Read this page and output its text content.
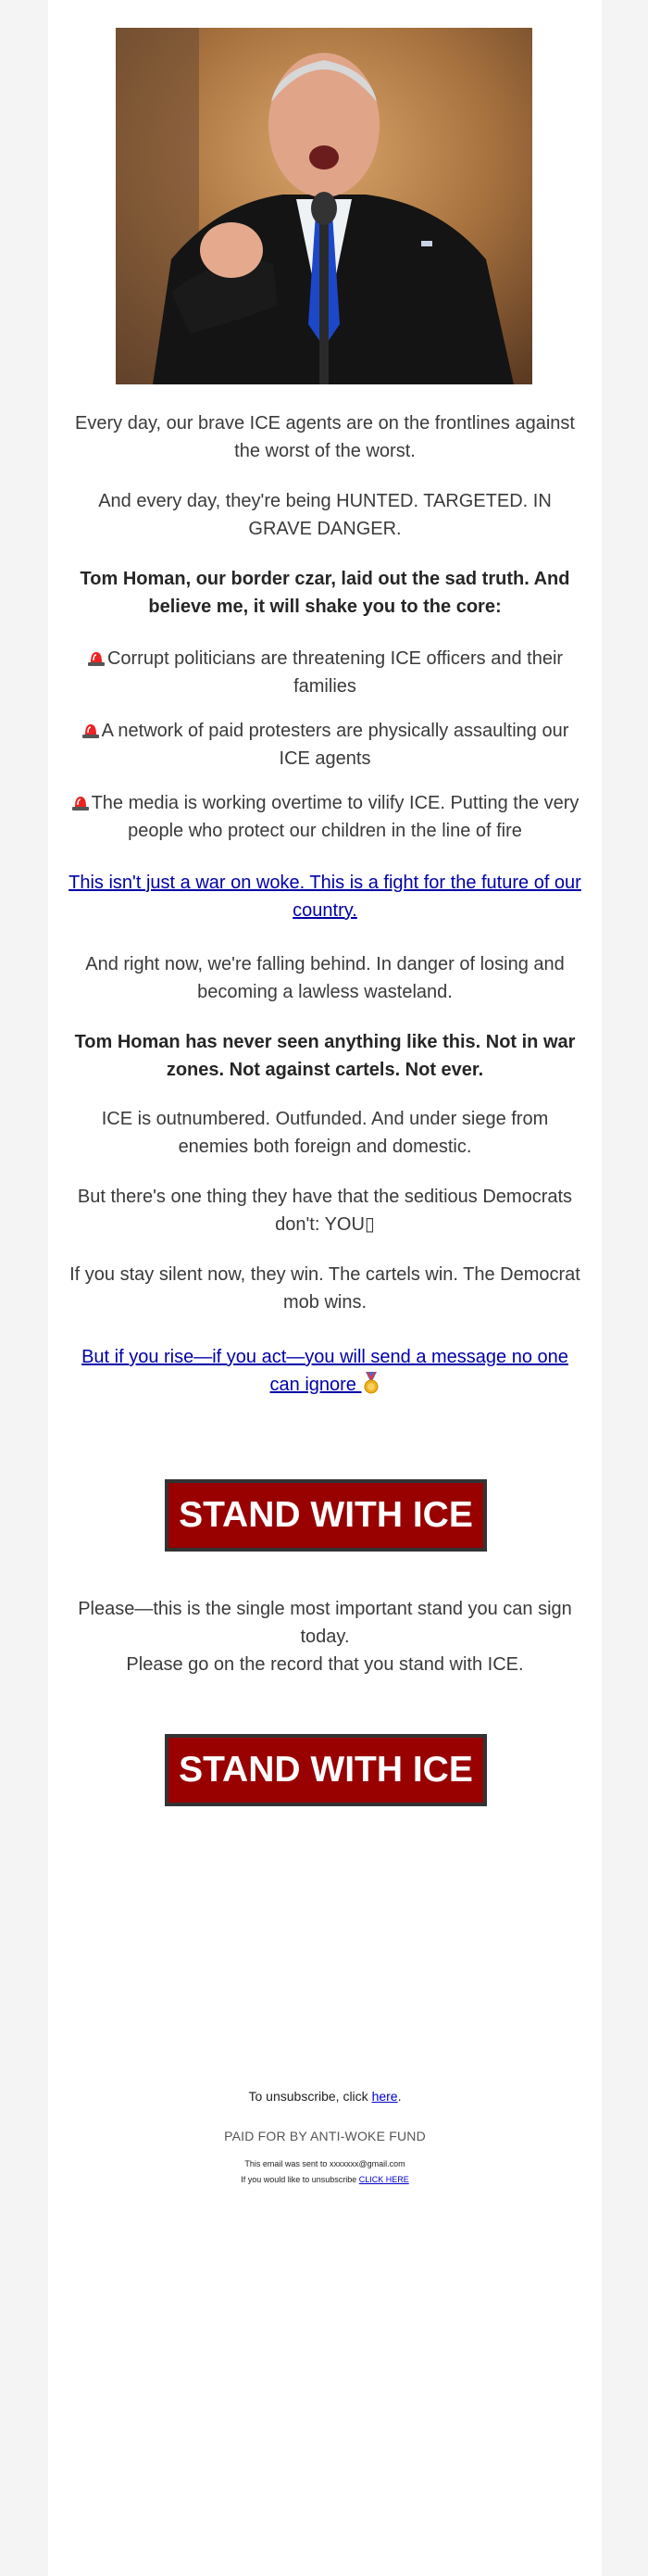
Every day, our brave ICE agents are on the frontlines against the worst of the worst.

And every day, they're being HUNTED. TARGETED. IN GRAVE DANGER.

Tom Homan, our border czar, laid out the sad truth. And believe me, it will shake you to the core:

Corrupt politicians are threatening ICE officers and their families

A network of paid protesters are physically assaulting our ICE agents

The media is working overtime to vilify ICE. Putting the very people who protect our children in the line of fire

This isn't just a war on woke. This is a fight for the future of our country.

And right now, we're falling behind. In danger of losing and becoming a lawless wasteland.

Tom Homan has never seen anything like this. Not in war zones. Not against cartels. Not ever.

ICE is outnumbered. Outfunded. And under siege from enemies both foreign and domestic.

But there's one thing they have that the seditious Democrats don't: YOU▯

If you stay silent now, they win. The cartels win. The Democrat mob wins.

But if you rise—if you act—you will send a message no one can ignore

STAND WITH ICE

Please—this is the single most important stand you can sign today.
Please go on the record that you stand with ICE.

STAND WITH ICE
To unsubscribe, click here.
PAID FOR BY ANTI-WOKE FUND
This email was sent to xxxxxxx@gmail.com
If you would like to unsubscribe CLICK HERE
